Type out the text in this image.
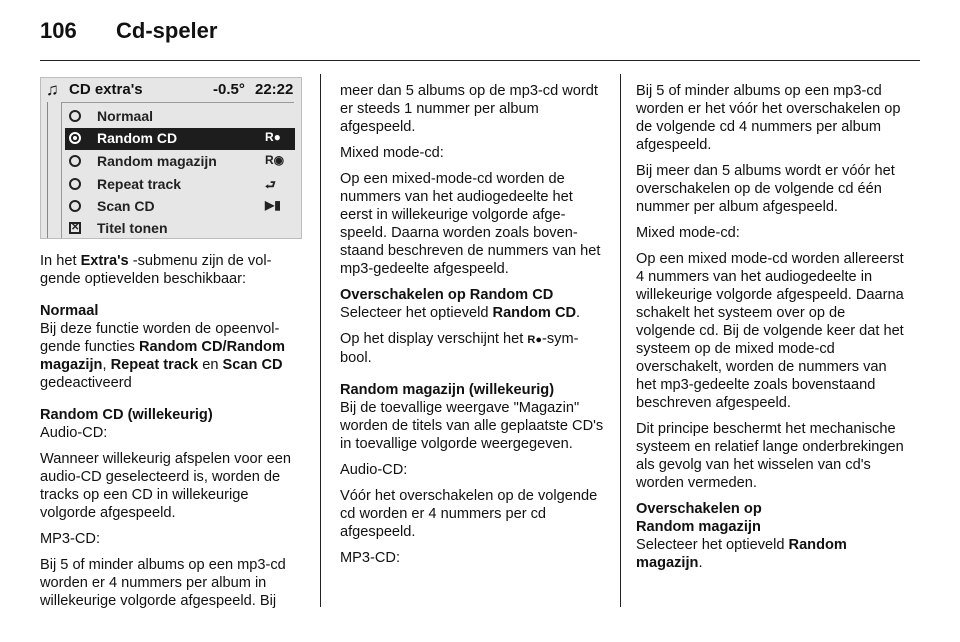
106 Cd-speler
♫ CD extra's	-0.5° 22:22
Normaal
Random CD	R●
Random magazijn	R◉
Repeat track	⮐
Scan CD	▶▮
✕ Titel tonen

In het Extra's -submenu zijn de volgende optievelden beschikbaar:

Normaal

Bij deze functie worden de opeenvolgende functies Random CD/Random magazijn, Repeat track en Scan CD gedeactiveerd

Random CD (willekeurig)

Audio-CD:

Wanneer willekeurig afspelen voor een audio-CD geselecteerd is, worden de tracks op een CD in willekeurige volgorde afgespeeld.

MP3-CD:

Bij 5 of minder albums op een mp3-cd worden er 4 nummers per album in willekeurige volgorde afgespeeld. Bij

meer dan 5 albums op de mp3-cd wordt er steeds 1 nummer per album afgespeeld.

Mixed mode-cd:

Op een mixed-mode-cd worden de nummers van het audiogedeelte het eerst in willekeurige volgorde afgespeeld. Daarna worden zoals bovenstaand beschreven de nummers van het mp3-gedeelte afgespeeld.

Overschakelen op Random CD

Selecteer het optieveld Random CD.

Op het display verschijnt het R●-symbool.

Random magazijn (willekeurig)

Bij de toevallige weergave "Magazin" worden de titels van alle geplaatste CD's in toevallige volgorde weergegeven.

Audio-CD:

Vóór het overschakelen op de volgende cd worden er 4 nummers per cd afgespeeld.

MP3-CD:

Bij 5 of minder albums op een mp3-cd worden er het vóór het overschakelen op de volgende cd 4 nummers per album afgespeeld.

Bij meer dan 5 albums wordt er vóór het overschakelen op de volgende cd één nummer per album afgespeeld.

Mixed mode-cd:

Op een mixed mode-cd worden allereerst 4 nummers van het audiogedeelte in willekeurige volgorde afgespeeld. Daarna schakelt het systeem over op de volgende cd. Bij de volgende keer dat het systeem op de mixed mode-cd overschakelt, worden de nummers van het mp3-gedeelte zoals bovenstaand beschreven afgespeeld.

Dit principe beschermt het mechanische systeem en relatief lange onderbrekingen als gevolg van het wisselen van cd's worden vermeden.

Overschakelen op
Random magazijn

Selecteer het optieveld Random magazijn.
